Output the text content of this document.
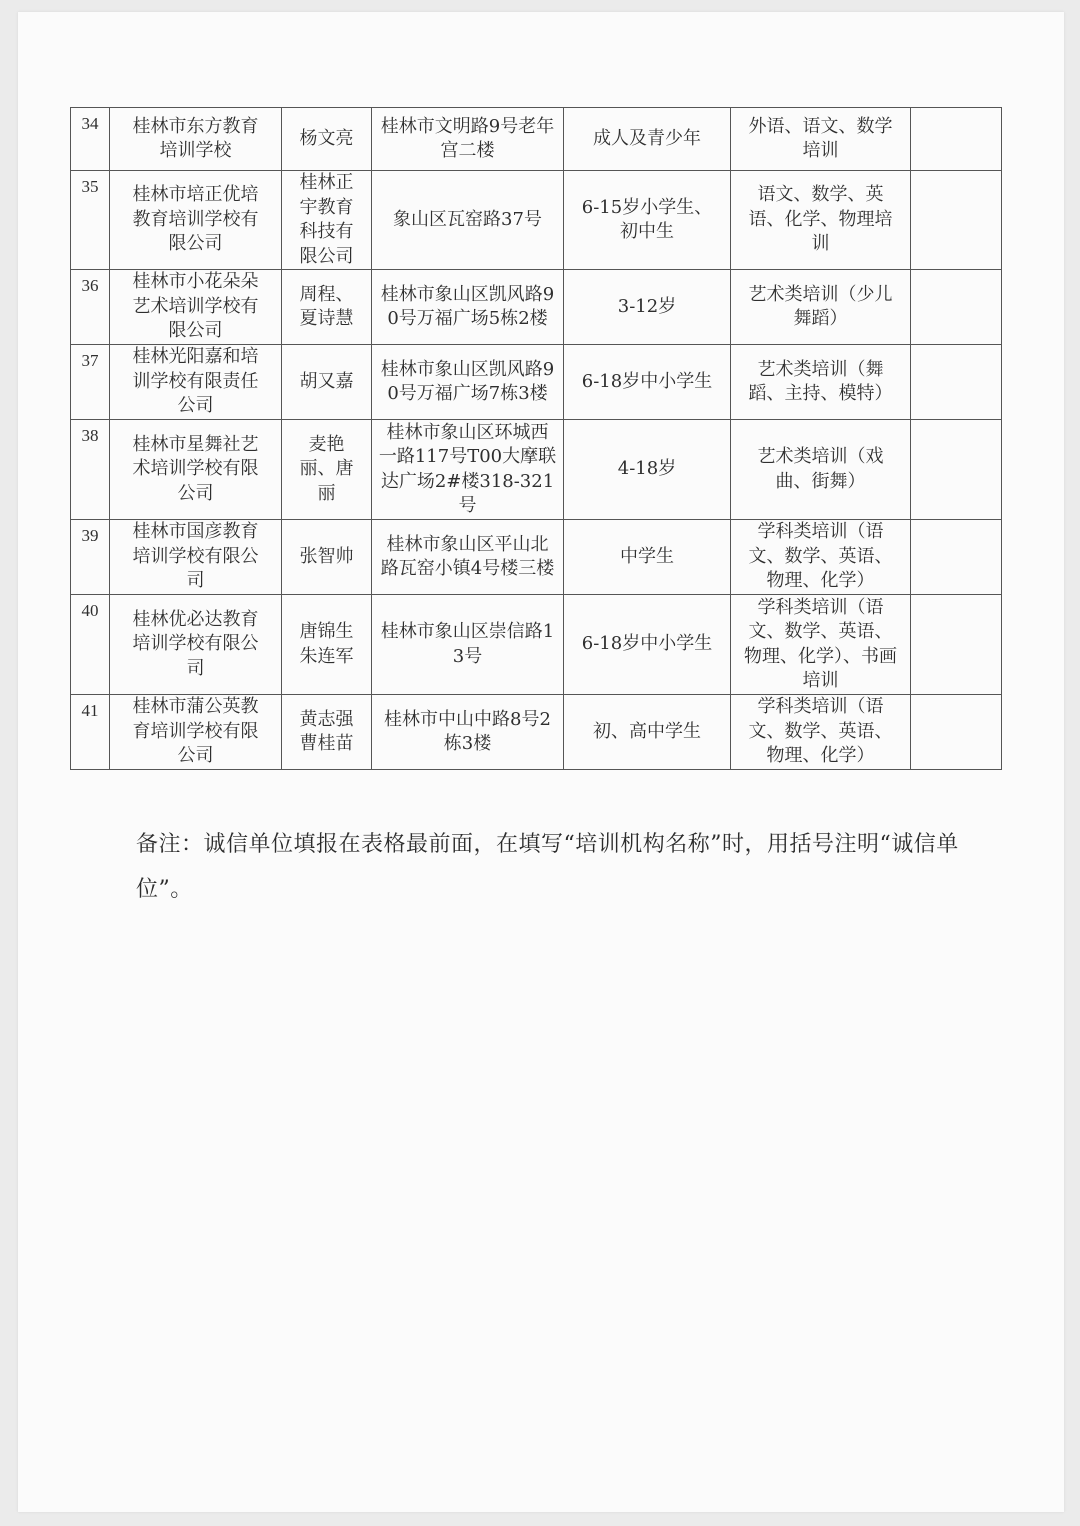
34	桂林市东方教育培训学校	杨文亮	桂林市文明路9号老年宫二楼	成人及青少年	外语、语文、数学培训	
35	桂林市培正优培教育培训学校有限公司	桂林正宇教育科技有限公司	象山区瓦窑路37号	6-15岁小学生、初中生	语文、数学、英语、化学、物理培训	
36	桂林市小花朵朵艺术培训学校有限公司	周程、夏诗慧	桂林市象山区凯风路90号万福广场5栋2楼	3-12岁	艺术类培训（少儿舞蹈）	
37	桂林光阳嘉和培训学校有限责任公司	胡又嘉	桂林市象山区凯风路90号万福广场7栋3楼	6-18岁中小学生	艺术类培训（舞蹈、主持、模特）	
38	桂林市星舞社艺术培训学校有限公司	麦艳丽、唐丽	桂林市象山区环城西一路117号T00大摩联达广场2#楼318-321号	4-18岁	艺术类培训（戏曲、街舞）	
39	桂林市国彦教育培训学校有限公司	张智帅	桂林市象山区平山北路瓦窑小镇4号楼三楼	中学生	学科类培训（语文、数学、英语、物理、化学）	
40	桂林优必达教育培训学校有限公司	唐锦生朱连军	桂林市象山区崇信路13号	6-18岁中小学生	学科类培训（语文、数学、英语、物理、化学）、书画培训	
41	桂林市蒲公英教育培训学校有限公司	黄志强曹桂苗	桂林市中山中路8号2栋3楼	初、高中学生	学科类培训（语文、数学、英语、物理、化学）	
备注：诚信单位填报在表格最前面，在填写“培训机构名称”时，用括号注明“诚信单位”。
